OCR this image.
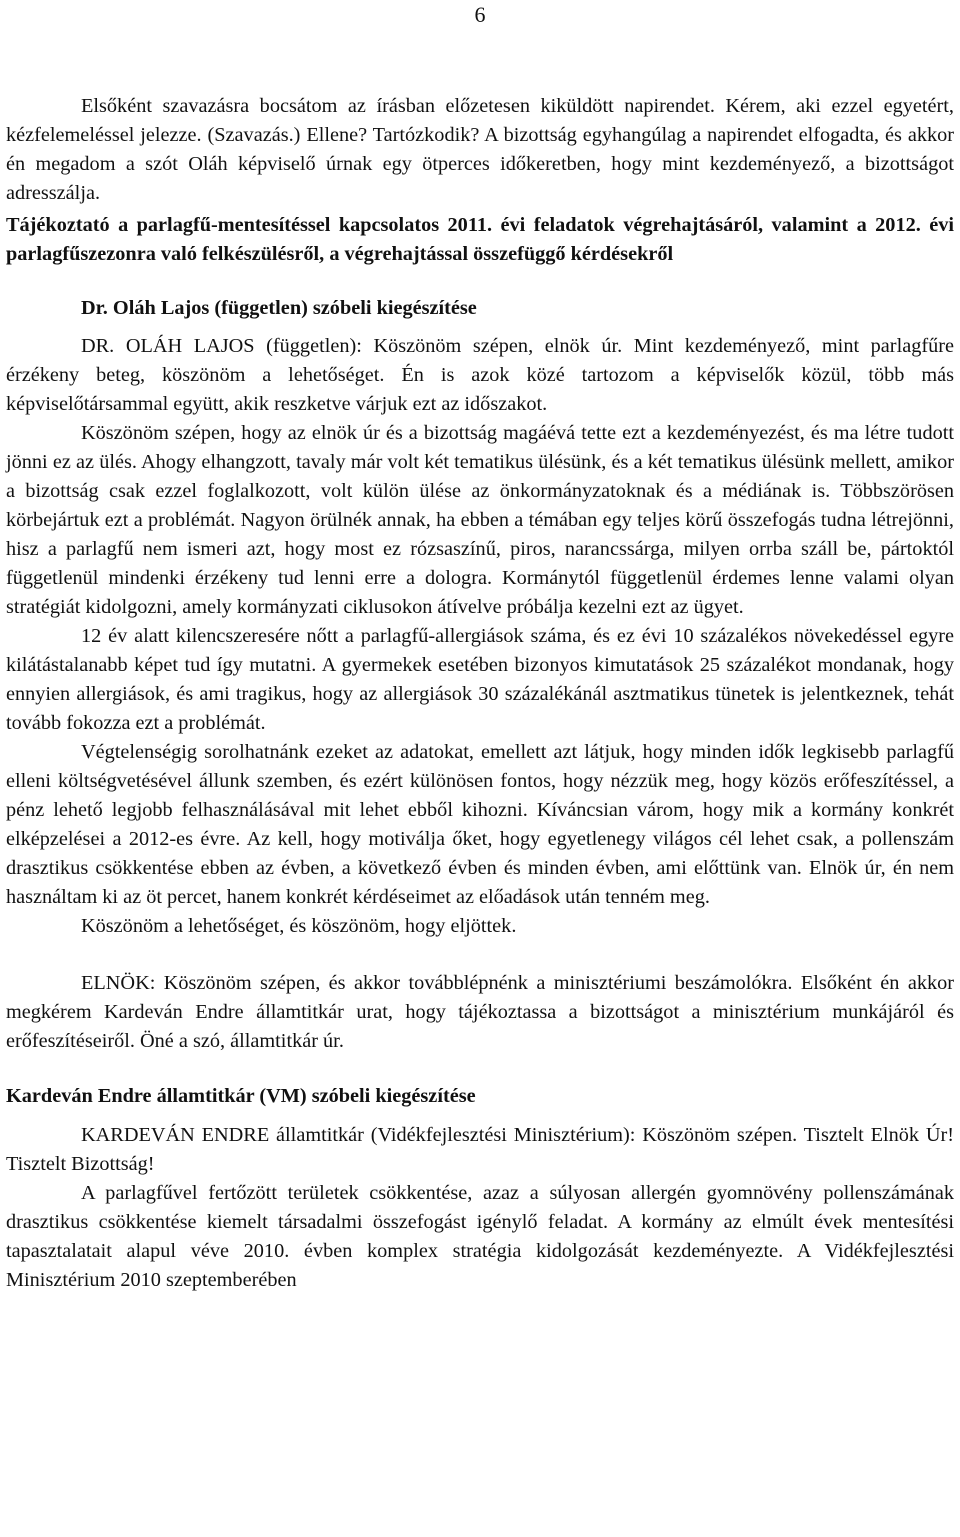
6

Elsőként szavazásra bocsátom az írásban előzetesen kiküldött napirendet. Kérem, aki ezzel egyetért, kézfelemeléssel jelezze. (Szavazás.) Ellene? Tartózkodik? A bizottság egyhangúlag a napirendet elfogadta, és akkor én megadom a szót Oláh képviselő úrnak egy ötperces időkeretben, hogy mint kezdeményező, a bizottságot adresszálja.

Tájékoztató a parlagfű-mentesítéssel kapcsolatos 2011. évi feladatok végrehajtásáról, valamint a 2012. évi parlagfűszezonra való felkészülésről, a végrehajtással összefüggő kérdésekről

Dr. Oláh Lajos (független) szóbeli kiegészítése

DR. OLÁH LAJOS (független): Köszönöm szépen, elnök úr. Mint kezdeményező, mint parlagfűre érzékeny beteg, köszönöm a lehetőséget. Én is azok közé tartozom a képviselők közül, több más képviselőtársammal együtt, akik reszketve várjuk ezt az időszakot.

Köszönöm szépen, hogy az elnök úr és a bizottság magáévá tette ezt a kezdeményezést, és ma létre tudott jönni ez az ülés. Ahogy elhangzott, tavaly már volt két tematikus ülésünk, és a két tematikus ülésünk mellett, amikor a bizottság csak ezzel foglalkozott, volt külön ülése az önkormányzatoknak és a médiának is. Többszörösen körbejártuk ezt a problémát. Nagyon örülnék annak, ha ebben a témában egy teljes körű összefogás tudna létrejönni, hisz a parlagfű nem ismeri azt, hogy most ez rózsaszínű, piros, narancssárga, milyen orrba száll be, pártoktól függetlenül mindenki érzékeny tud lenni erre a dologra. Kormánytól függetlenül érdemes lenne valami olyan stratégiát kidolgozni, amely kormányzati ciklusokon átívelve próbálja kezelni ezt az ügyet.

12 év alatt kilencszeresére nőtt a parlagfű-allergiások száma, és ez évi 10 százalékos növekedéssel egyre kilátástalanabb képet tud így mutatni. A gyermekek esetében bizonyos kimutatások 25 százalékot mondanak, hogy ennyien allergiások, és ami tragikus, hogy az allergiások 30 százalékánál asztmatikus tünetek is jelentkeznek, tehát tovább fokozza ezt a problémát.

Végtelenségig sorolhatnánk ezeket az adatokat, emellett azt látjuk, hogy minden idők legkisebb parlagfű elleni költségvetésével állunk szemben, és ezért különösen fontos, hogy nézzük meg, hogy közös erőfeszítéssel, a pénz lehető legjobb felhasználásával mit lehet ebből kihozni. Kíváncsian várom, hogy mik a kormány konkrét elképzelései a 2012-es évre. Az kell, hogy motiválja őket, hogy egyetlenegy világos cél lehet csak, a pollenszám drasztikus csökkentése ebben az évben, a következő évben és minden évben, ami előttünk van. Elnök úr, én nem használtam ki az öt percet, hanem konkrét kérdéseimet az előadások után tenném meg.

Köszönöm a lehetőséget, és köszönöm, hogy eljöttek.

ELNÖK: Köszönöm szépen, és akkor továbblépnénk a minisztériumi beszámolókra. Elsőként én akkor megkérem Kardeván Endre államtitkár urat, hogy tájékoztassa a bizottságot a minisztérium munkájáról és erőfeszítéseiről. Öné a szó, államtitkár úr.

Kardeván Endre államtitkár (VM) szóbeli kiegészítése

KARDEVÁN ENDRE államtitkár (Vidékfejlesztési Minisztérium): Köszönöm szépen. Tisztelt Elnök Úr! Tisztelt Bizottság!

A parlagfűvel fertőzött területek csökkentése, azaz a súlyosan allergén gyomnövény pollenszámának drasztikus csökkentése kiemelt társadalmi összefogást igénylő feladat. A kormány az elmúlt évek mentesítési tapasztalatait alapul véve 2010. évben komplex stratégia kidolgozását kezdeményezte. A Vidékfejlesztési Minisztérium 2010 szeptemberében
